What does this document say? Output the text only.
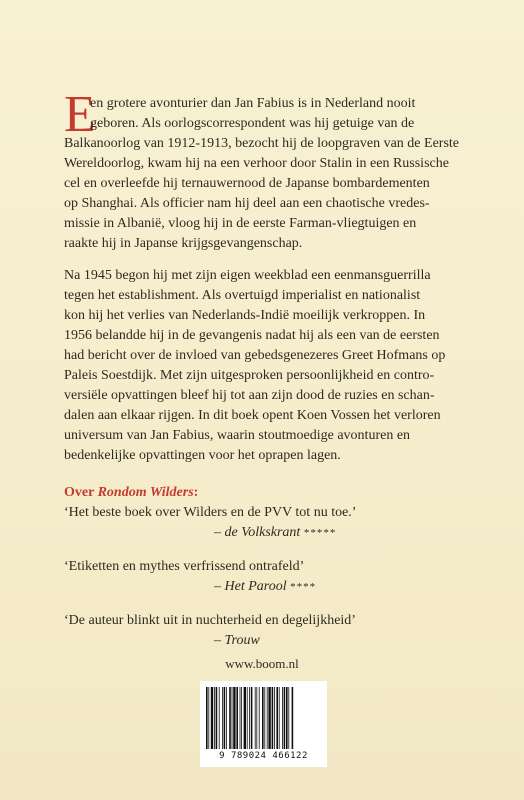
E
en grotere avonturier dan Jan Fabius is in Nederland nooit
geboren. Als oorlogscorrespondent was hij getuige van de
Balkanoorlog van 1912-1913, bezocht hij de loopgraven van de Eerste
Wereldoorlog, kwam hij na een verhoor door Stalin in een Russische
cel en overleefde hij ternauwernood de Japanse bombardementen
op Shanghai. Als officier nam hij deel aan een chaotische vredes-
missie in Albanië, vloog hij in de eerste Farman-vliegtuigen en
raakte hij in Japanse krijgsgevangenschap.
Na 1945 begon hij met zijn eigen weekblad een eenmansguerrilla
tegen het establishment. Als overtuigd imperialist en nationalist
kon hij het verlies van Nederlands-Indië moeilijk verkroppen. In
1956 belandde hij in de gevangenis nadat hij als een van de eersten
had bericht over de invloed van gebedsgenezeres Greet Hofmans op
Paleis Soestdijk. Met zijn uitgesproken persoonlijkheid en contro-
versiële opvattingen bleef hij tot aan zijn dood de ruzies en schan-
dalen aan elkaar rijgen. In dit boek opent Koen Vossen het verloren
universum van Jan Fabius, waarin stoutmoedige avonturen en
bedenkelijke opvattingen voor het oprapen lagen.
Over Rondom Wilders:
‘Het beste boek over Wilders en de PVV tot nu toe.’
– de Volkskrant *****
‘Etiketten en mythes verfrissend ontrafeld’
– Het Parool ****
‘De auteur blinkt uit in nuchterheid en degelijkheid’
– Trouw
www.boom.nl
9 789024 466122
